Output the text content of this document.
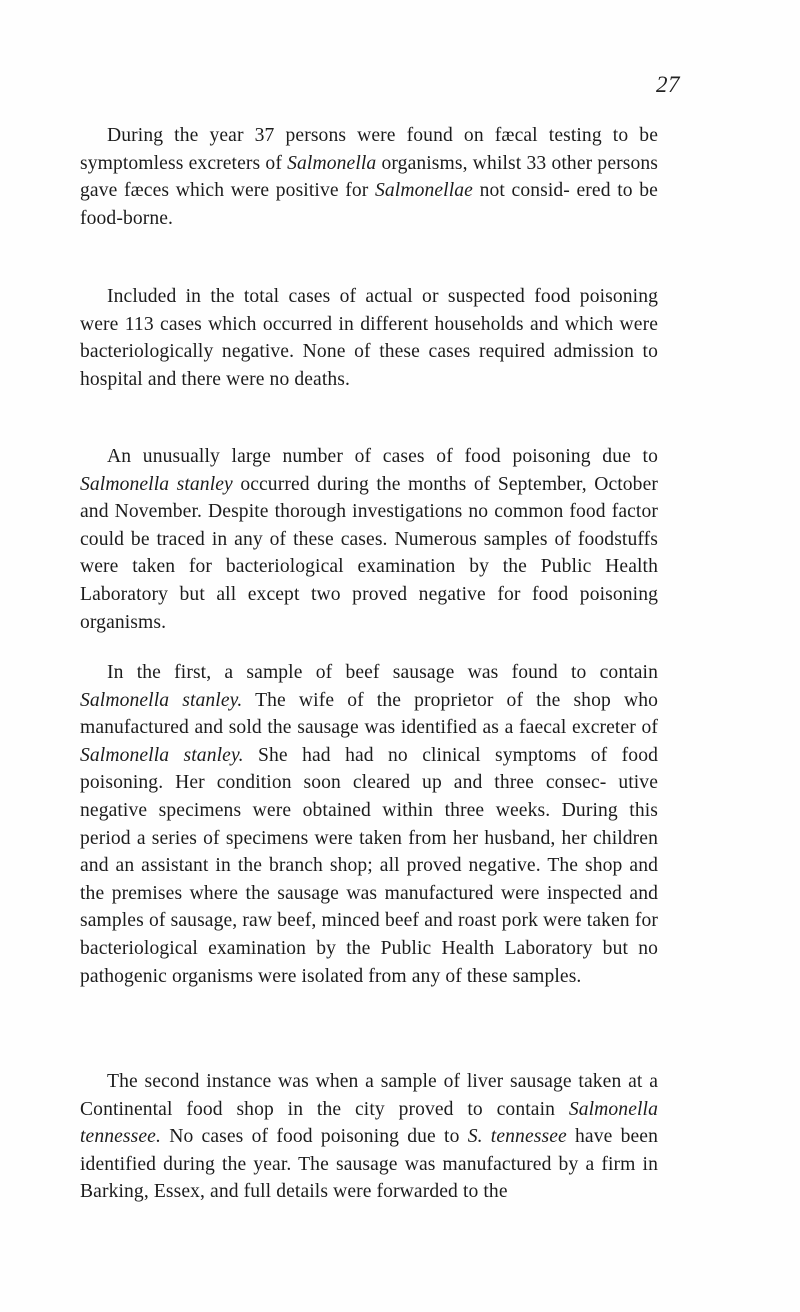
27

During the year 37 persons were found on fæcal testing to be symptomless excreters of Salmonella organisms, whilst 33 other persons gave fæces which were positive for Salmonellae not consid- ered to be food-borne.

Included in the total cases of actual or suspected food poisoning were 113 cases which occurred in different households and which were bacteriologically negative. None of these cases required admission to hospital and there were no deaths.

An unusually large number of cases of food poisoning due to Salmonella stanley occurred during the months of September, October and November. Despite thorough investigations no common food factor could be traced in any of these cases. Numerous samples of foodstuffs were taken for bacteriological examination by the Public Health Laboratory but all except two proved negative for food poisoning organisms.

In the first, a sample of beef sausage was found to contain Salmonella stanley. The wife of the proprietor of the shop who manufactured and sold the sausage was identified as a faecal excreter of Salmonella stanley. She had had no clinical symptoms of food poisoning. Her condition soon cleared up and three consec- utive negative specimens were obtained within three weeks. During this period a series of specimens were taken from her husband, her children and an assistant in the branch shop; all proved negative. The shop and the premises where the sausage was manufactured were inspected and samples of sausage, raw beef, minced beef and roast pork were taken for bacteriological examination by the Public Health Laboratory but no pathogenic organisms were isolated from any of these samples.

The second instance was when a sample of liver sausage taken at a Continental food shop in the city proved to contain Salmonella tennessee. No cases of food poisoning due to S. tennessee have been identified during the year. The sausage was manufactured by a firm in Barking, Essex, and full details were forwarded to the
